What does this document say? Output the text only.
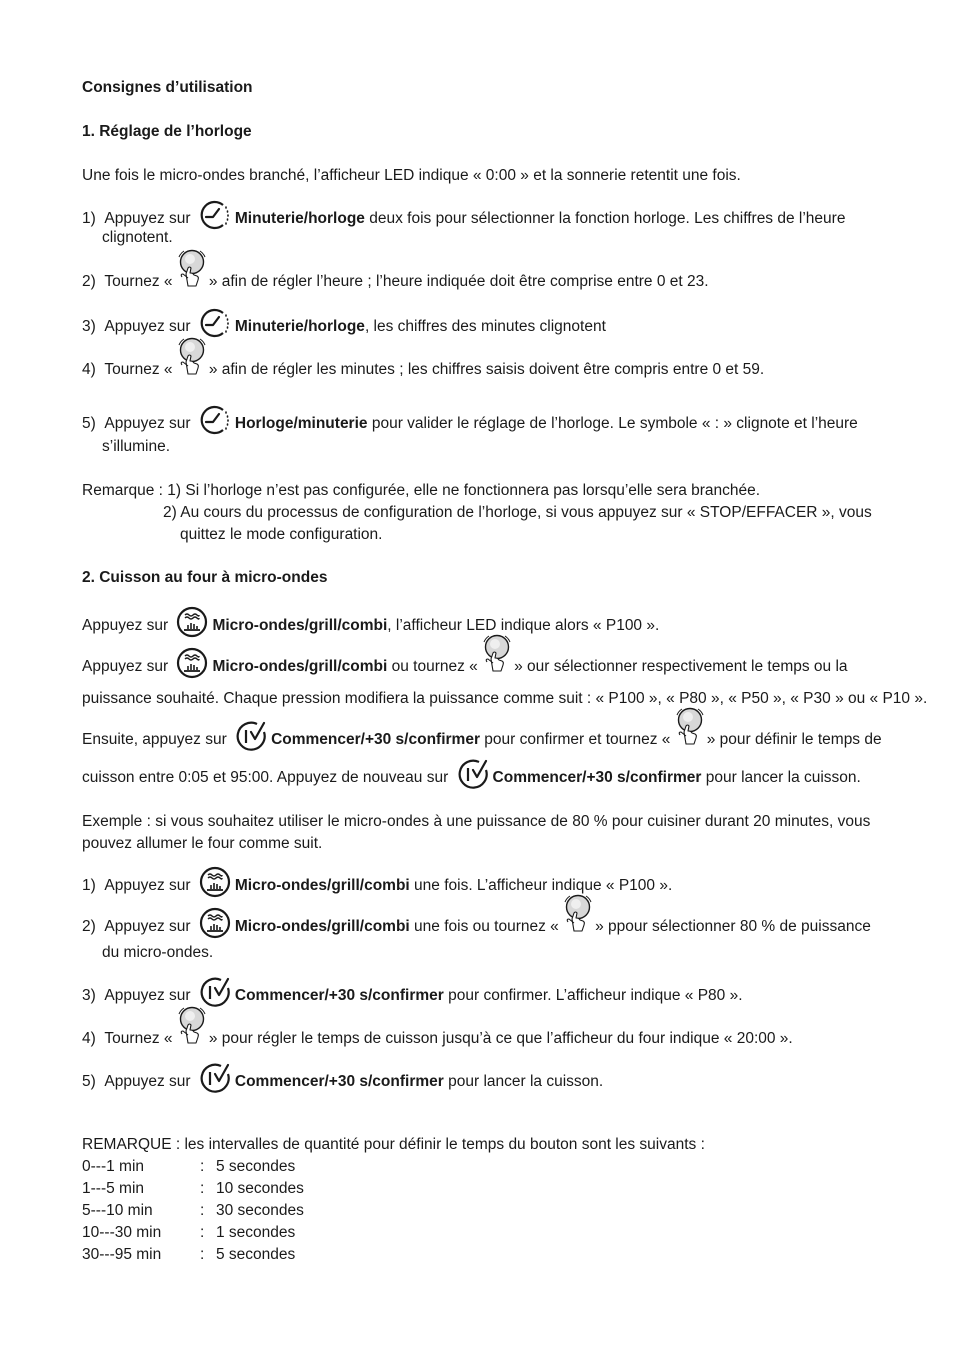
Consignes d’utilisation
1. Réglage de l’horloge
Une fois le micro-ondes branché, l’afficheur LED indique « 0:00 » et la sonnerie retentit une fois.
1) Appuyez sur	Minuterie/horloge deux fois pour sélectionner la fonction horloge. Les chiffres de l’heure
clignotent.
2) Tournez «
» afin de régler l’heure ; l’heure indiquée doit être comprise entre 0 et 23.
3) Appuyez sur	Minuterie/horloge, les chiffres des minutes clignotent
4) Tournez «
» afin de régler les minutes ; les chiffres saisis doivent être compris entre 0 et 59.
5) Appuyez sur	Horloge/minuterie pour valider le réglage de l’horloge. Le symbole « : » clignote et l’heure
s’illumine.
Remarque : 1) Si l’horloge n’est pas configurée, elle ne fonctionnera pas lorsqu’elle sera branchée.
2) Au cours du processus de configuration de l’horloge, si vous appuyez sur « STOP/EFFACER », vous
quittez le mode configuration.
2. Cuisson au four à micro-ondes
Appuyez sur	Micro-ondes/grill/combi, l’afficheur LED indique alors « P100 ».
Appuyez sur	Micro-ondes/grill/combi ou tournez «
» our sélectionner respectivement le temps ou la
puissance souhaité. Chaque pression modifiera la puissance comme suit : « P100 », « P80 », « P50 », « P30 » ou « P10 ».
Ensuite, appuyez sur	Commencer/+30 s/confirmer pour confirmer et tournez «
» pour définir le temps de
cuisson entre 0:05 et 95:00. Appuyez de nouveau sur	Commencer/+30 s/confirmer pour lancer la cuisson.
Exemple : si vous souhaitez utiliser le micro-ondes à une puissance de 80 % pour cuisiner durant 20 minutes, vous
pouvez allumer le four comme suit.
1) Appuyez sur	Micro-ondes/grill/combi une fois. L’afficheur indique « P100 ».
2) Appuyez sur	Micro-ondes/grill/combi une fois ou tournez «
» ppour sélectionner 80 % de puissance
du micro-ondes.
3) Appuyez sur	Commencer/+30 s/confirmer pour confirmer. L’afficheur indique « P80 ».
4) Tournez «
» pour régler le temps de cuisson jusqu’à ce que l’afficheur du four indique « 20:00 ».
5) Appuyez sur	Commencer/+30 s/confirmer pour lancer la cuisson.
REMARQUE : les intervalles de quantité pour définir le temps du bouton sont les suivants :
0---1 min	: 5 secondes
1---5 min	: 10 secondes
5---10 min	: 30 secondes
10---30 min	: 1 secondes
30---95 min	: 5 secondes
